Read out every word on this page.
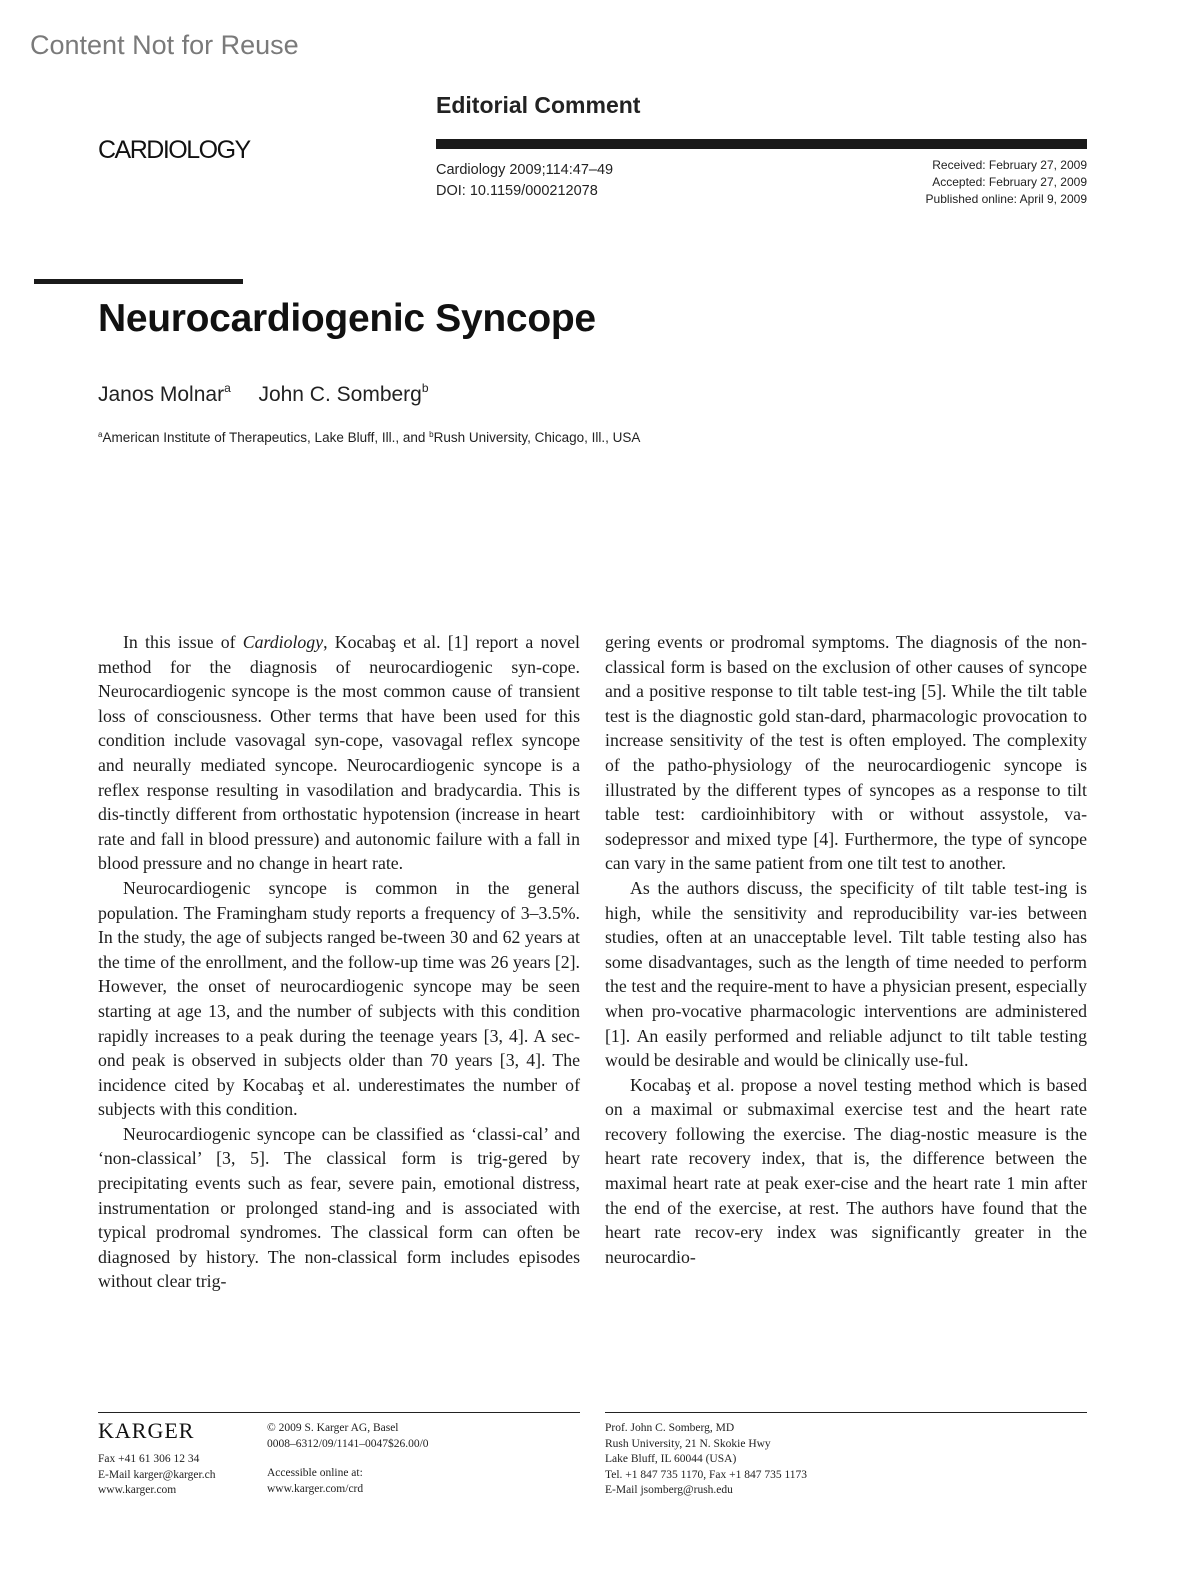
Content Not for Reuse
Editorial Comment
CARDIOLOGY
Cardiology 2009;114:47–49
DOI: 10.1159/000212078
Received: February 27, 2009
Accepted: February 27, 2009
Published online: April 9, 2009
Neurocardiogenic Syncope
Janos Molnar$^a$ John C. Somberg$^b$
$^a$American Institute of Therapeutics, Lake Bluff, Ill., and $^b$Rush University, Chicago, Ill., USA

In this issue of Cardiology, Kocabaş et al. [1] report a novel method for the diagnosis of neurocardiogenic syn-cope. Neurocardiogenic syncope is the most common cause of transient loss of consciousness. Other terms that have been used for this condition include vasovagal syn-cope, vasovagal reflex syncope and neurally mediated syncope. Neurocardiogenic syncope is a reflex response resulting in vasodilation and bradycardia. This is dis-tinctly different from orthostatic hypotension (increase in heart rate and fall in blood pressure) and autonomic failure with a fall in blood pressure and no change in heart rate.

Neurocardiogenic syncope is common in the general population. The Framingham study reports a frequency of 3–3.5%. In the study, the age of subjects ranged be-tween 30 and 62 years at the time of the enrollment, and the follow-up time was 26 years [2]. However, the onset of neurocardiogenic syncope may be seen starting at age 13, and the number of subjects with this condition rapidly increases to a peak during the teenage years [3, 4]. A sec-ond peak is observed in subjects older than 70 years [3, 4]. The incidence cited by Kocabaş et al. underestimates the number of subjects with this condition.

Neurocardiogenic syncope can be classified as ‘classi-cal’ and ‘non-classical’ [3, 5]. The classical form is trig-gered by precipitating events such as fear, severe pain, emotional distress, instrumentation or prolonged stand-ing and is associated with typical prodromal syndromes. The classical form can often be diagnosed by history. The non-classical form includes episodes without clear trig-

gering events or prodromal symptoms. The diagnosis of the non-classical form is based on the exclusion of other causes of syncope and a positive response to tilt table test-ing [5]. While the tilt table test is the diagnostic gold stan-dard, pharmacologic provocation to increase sensitivity of the test is often employed. The complexity of the patho-physiology of the neurocardiogenic syncope is illustrated by the different types of syncopes as a response to tilt table test: cardioinhibitory with or without assystole, va-sodepressor and mixed type [4]. Furthermore, the type of syncope can vary in the same patient from one tilt test to another.

As the authors discuss, the specificity of tilt table test-ing is high, while the sensitivity and reproducibility var-ies between studies, often at an unacceptable level. Tilt table testing also has some disadvantages, such as the length of time needed to perform the test and the require-ment to have a physician present, especially when pro-vocative pharmacologic interventions are administered [1]. An easily performed and reliable adjunct to tilt table testing would be desirable and would be clinically use-ful.

Kocabaş et al. propose a novel testing method which is based on a maximal or submaximal exercise test and the heart rate recovery following the exercise. The diag-nostic measure is the heart rate recovery index, that is, the difference between the maximal heart rate at peak exer-cise and the heart rate 1 min after the end of the exercise, at rest. The authors have found that the heart rate recov-ery index was significantly greater in the neurocardio-

KARGER
Fax +41 61 306 12 34
E-Mail karger@karger.ch
www.karger.com
© 2009 S. Karger AG, Basel
0008–6312/09/1141–0047$26.00/0
Accessible online at:
www.karger.com/crd
Prof. John C. Somberg, MD
Rush University, 21 N. Skokie Hwy
Lake Bluff, IL 60044 (USA)
Tel. +1 847 735 1170, Fax +1 847 735 1173
E-Mail jsomberg@rush.edu
